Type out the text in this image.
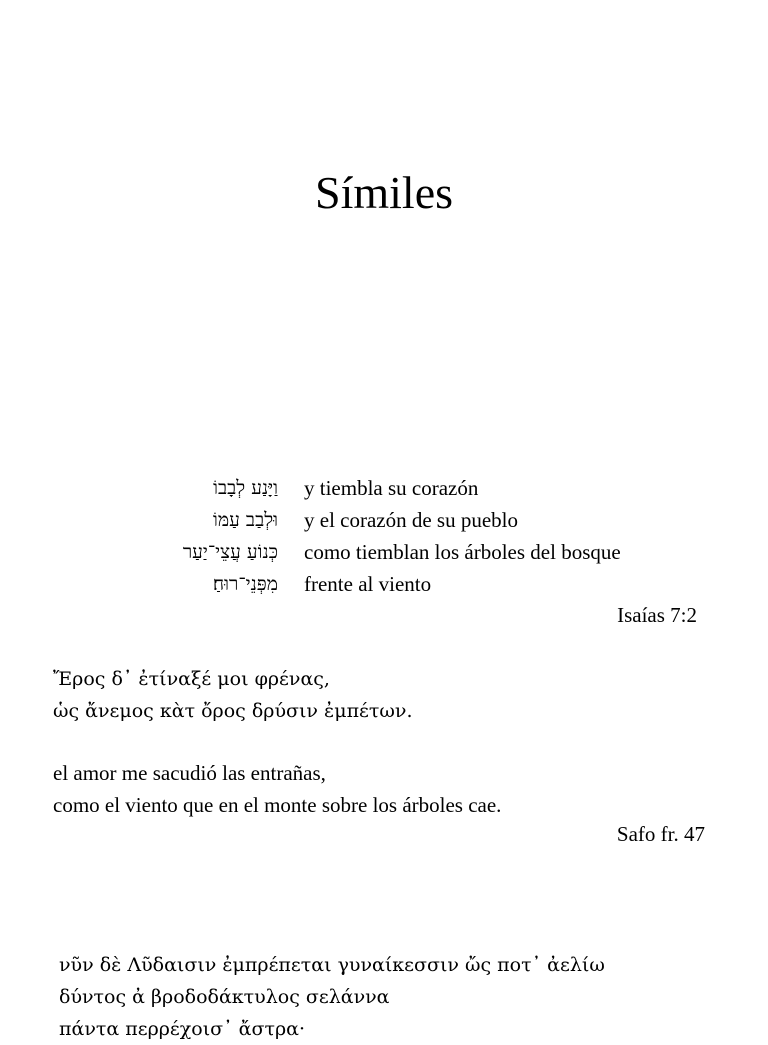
Símiles
וַיָּנַע לְבָבוֹ y tiembla su corazón
וּלְבַב עַמּוֹ y el corazón de su pueblo
כְּנוֹעַ עֲצֵי־יַעַר como tiemblan los árboles del bosque
מִפְּנֵי־רוּחַ׃ frente al viento
Isaías 7:2
Ἔρος δ᾽ ἐτίναξέ μοι φρένας,
ὡς ἄνεμος κὰτ ὄρος δρύσιν ἐμπέτων.
el amor me sacudió las entrañas,
como el viento que en el monte sobre los árboles cae.
Safo fr. 47
νῦν δὲ Λῦδαισιν ἐμπρέπεται γυναίκεσσιν ὤς ποτ᾽ ἀελίω
δύντος ἀ βροδοδάκτυλος σελάννα
πάντα περρέχοισ᾽ ἄστρα·
